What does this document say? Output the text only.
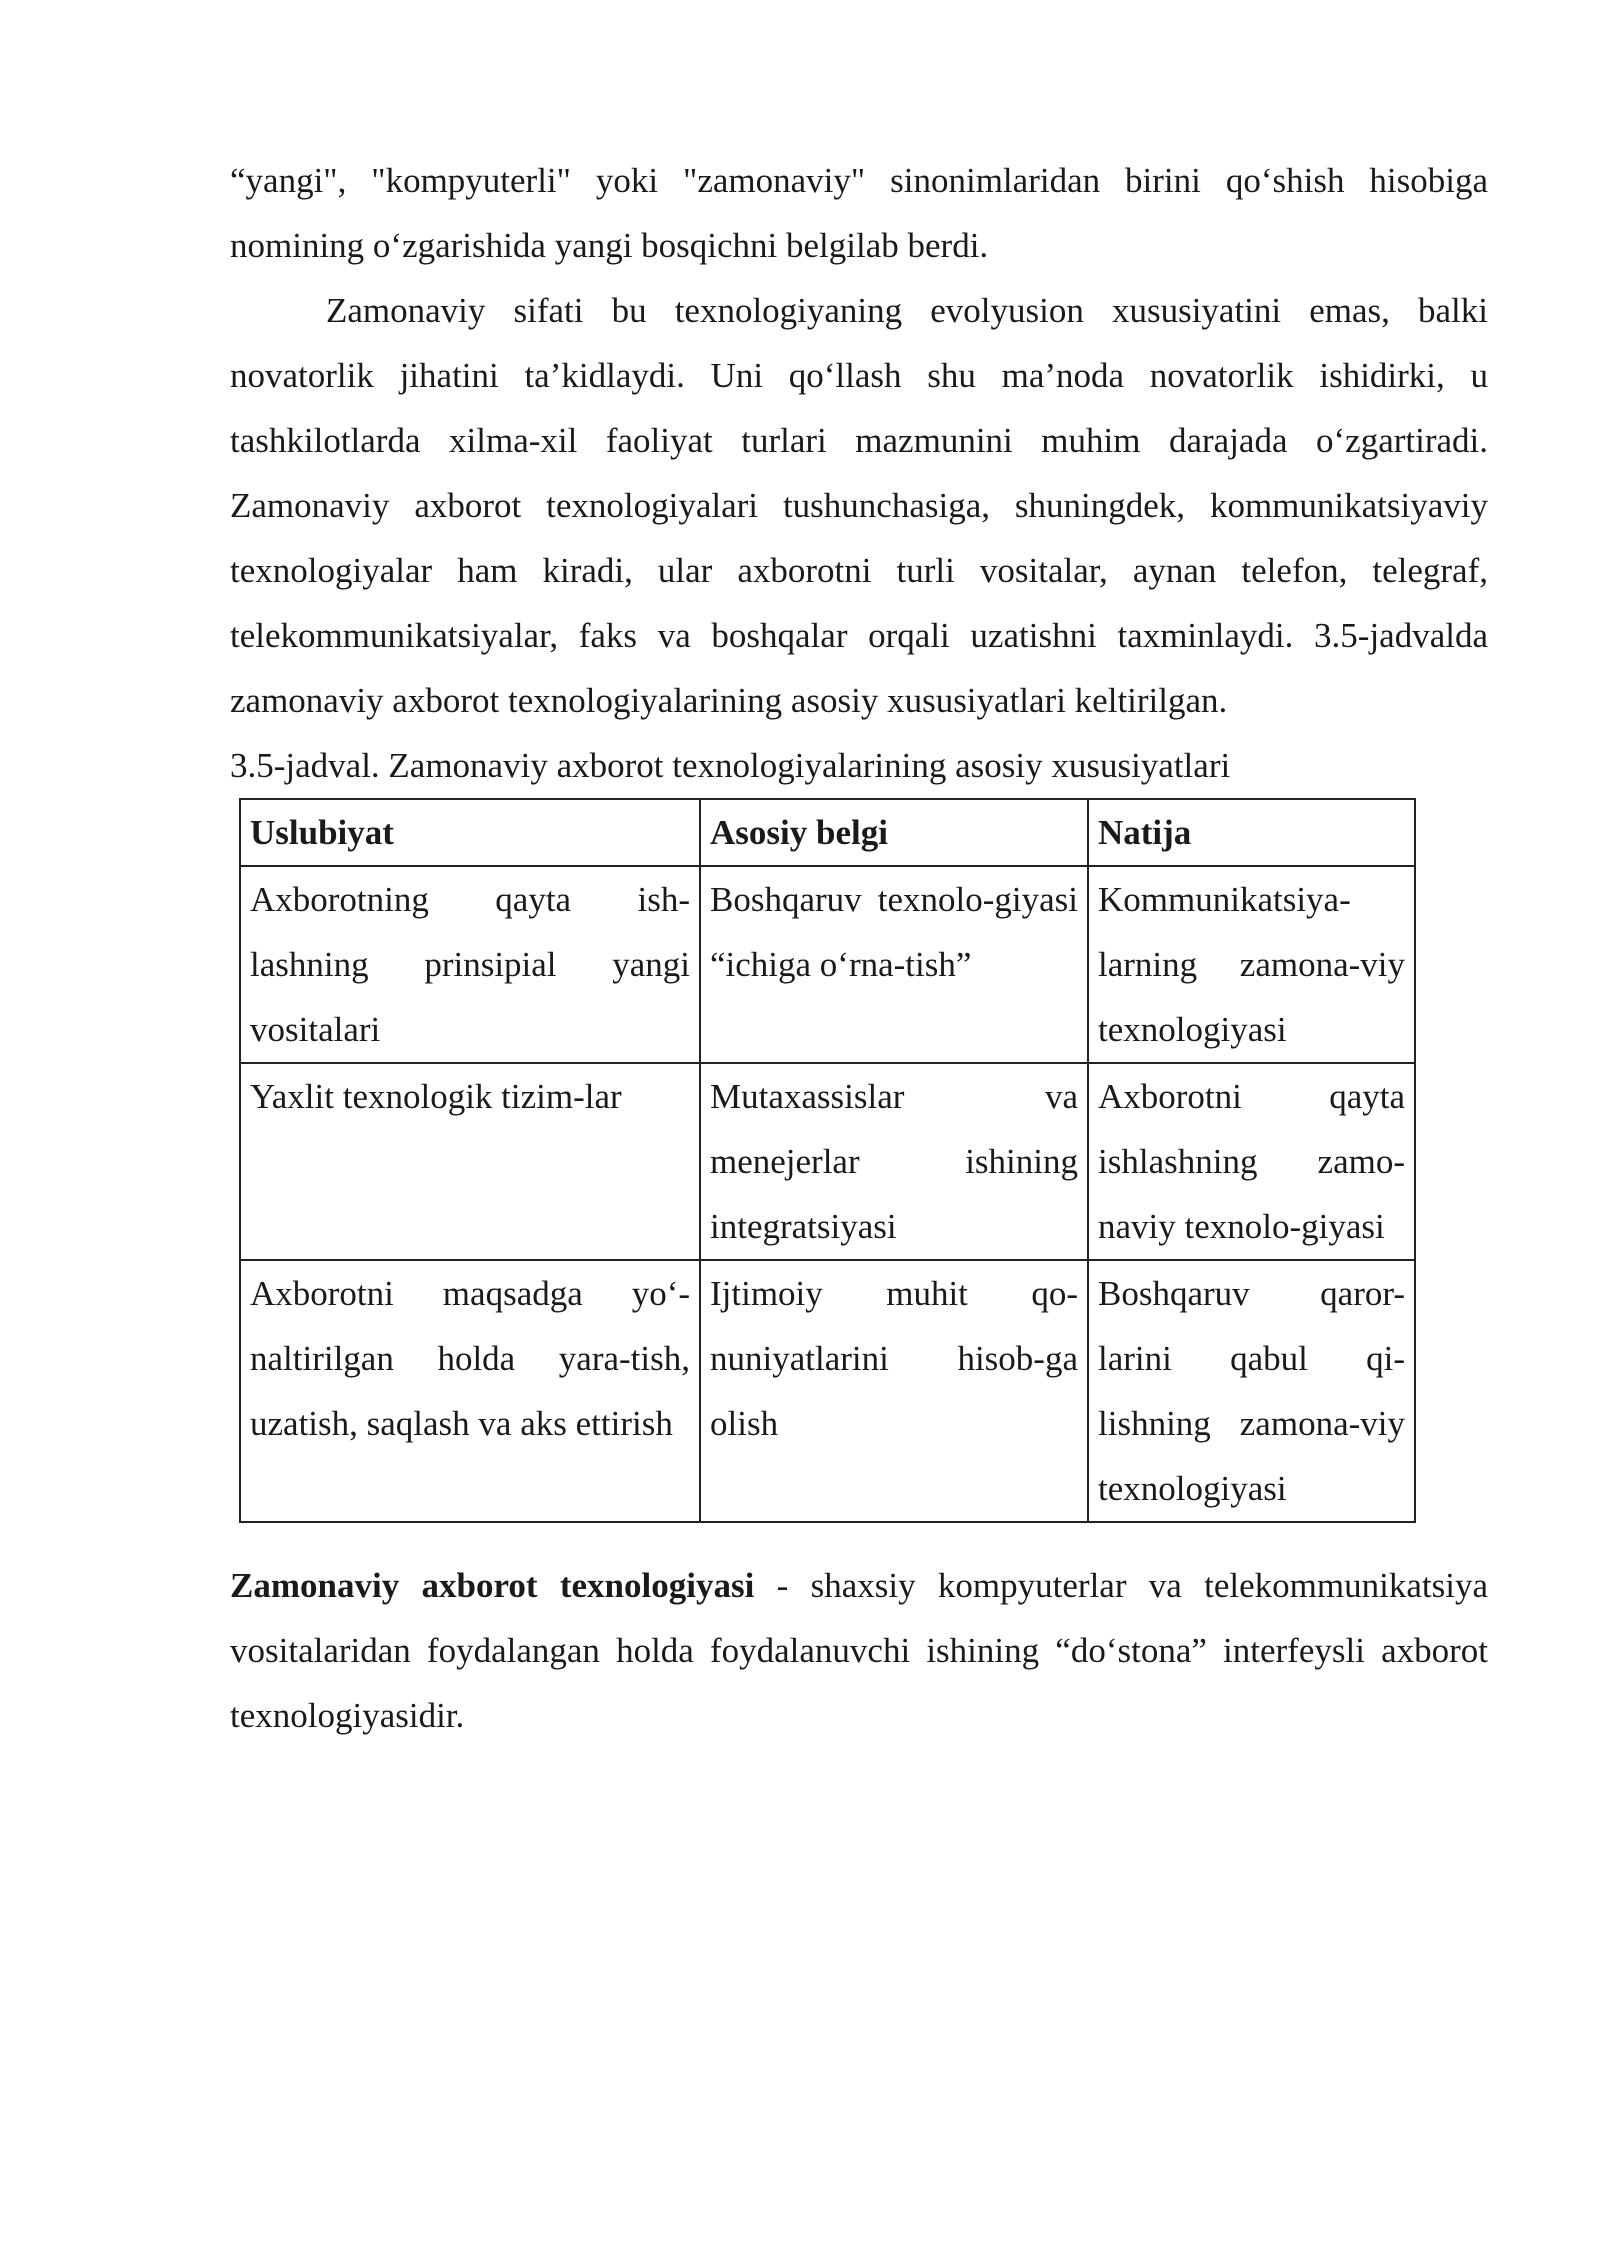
“yangi", "kompyuterli" yoki "zamonaviy" sinonimlaridan birini qo‘shish hisobiga nomining o‘zgarishida yangi bosqichni belgilab berdi.

Zamonaviy sifati bu texnologiyaning evolyusion xususiyatini emas, balki novatorlik jihatini ta’kidlaydi. Uni qo‘llash shu ma’noda novatorlik ishidirki, u tashkilotlarda xilma-xil faoliyat turlari mazmunini muhim darajada o‘zgartiradi. Zamonaviy axborot texnologiyalari tushunchasiga, shuningdek, kommunikatsiyaviy texnologiyalar ham kiradi, ular axborotni turli vositalar, aynan telefon, telegraf, telekommunikatsiyalar, faks va boshqalar orqali uzatishni taxminlaydi. 3.5-jadvalda zamonaviy axborot texnologiyalarining asosiy xususiyatlari keltirilgan.

3.5-jadval. Zamonaviy axborot texnologiyalarining asosiy xususiyatlari

Uslubiyat	Asosiy belgi	Natija
Axborotning qayta ish-lashning prinsipial yangi vositalari	Boshqaruv texnolo-giyasi “ichiga o‘rna-tish”	Kommunikatsiya-larning zamona-viy texnologiyasi
Yaxlit texnologik tizim-lar	Mutaxassislar va menejerlar ishining integratsiyasi	Axborotni qayta ishlashning zamo-naviy texnolo-giyasi
Axborotni maqsadga yo‘-naltirilgan holda yara-tish, uzatish, saqlash va aks ettirish	Ijtimoiy muhit qo-nuniyatlarini hisob-ga olish	Boshqaruv qaror-larini qabul qi-lishning zamona-viy texnologiyasi

Zamonaviy axborot texnologiyasi - shaxsiy kompyuterlar va telekommunikatsiya vositalaridan foydalangan holda foydalanuvchi ishining “do‘stona” interfeysli axborot texnologiyasidir.
